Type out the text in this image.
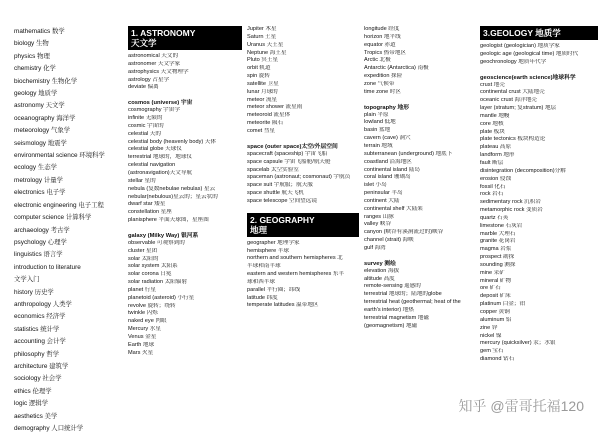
mathematics 数学
biology 生物
physics 物理
chemistry 化学
biochemistry 生物化学
geology 地质学
astronomy 天文学
oceanography 海洋学
meteorology 气象学
seismology 地震学
environmental science 环境科学
ecology 生态学
metrology 计量学
electronics 电子学
electronic engineering 电子工程
computer science 计算科学
archaeology 考古学
psychology 心理学
linguistics 语言学
introduction to literature
文学入门
history 历史学
anthropology 人类学
economics 经济学
statistics 统计学
accounting 会计学
philosophy 哲学
architecture 建筑学
sociology 社会学
ethics 伦理学
logic 逻辑学
aesthetics 美学
demography 人口统计学
1. ASTRONOMY
天文学
astronomical 天文的
astronomer 天文学家
astrophysics 天文物理学
astrology 占星学
deviate 偏离
cosmos (universe) 宇宙
cosmography 宇宙学
infinite 无限的
cosmic 宇宙的
celestial 天的
celestial body (heavenly body) 天体
celestial globe 天球仪
terrestrial 地球的，地球仪
celestial navigation
(astronavigation)天文导航
stellar 星的
nebula (复数nebulae nebulas) 星云
nebular(nebulous)星云的；星云状的
dwarf star 矮星
constellation 星座
planisphere 平面天球图，星座图
galaxy (Milky Way) 银河系
observable 可观察到的
cluster 星团
solar 太阳的
solar system 太阳系
solar corona 日冕
solar radiation 太阳辐射
planet 行星
planetoid (asteroid) 小行星
revolve 旋转；绕转
twinkle 闪烁
naked eye 肉眼
Mercury 水星
Venus 金星
Earth 地球
Mars 火星
Jupiter 木星
Saturn 土星
Uranus 天王星
Neptune 海王星
Pluto 冥王星
orbit 轨道
spin 旋转
satellite 卫星
lunar 月球的
meteor 流星
meteor shower 流星雨
meteoroid 流星体
meteorite 陨石
comet 彗星
space (outer space)太空/外层空间
spacecraft (spaceship) 宇宙飞船
space capsule 宇宙飞船舱/航天舱
spacelab 太空实验室
spaceman (astronaut; cosmonaut) 宇航员
space suit 宇航服；航天服
space shuttle 航天飞机
space telescope 空间望远镜
2. GEOGRAPHY
地理
geographer 地理学家
hemisphere 半球
northern and southern hemispheres 北
半球和南半球
eastern and western hemispheres 东半
球和西半球
parallel 平行圈；纬线
latitude 纬度
temperate latitudes 温带地区
longitude 经度
horizon 地平线
equator 赤道
Tropics 热带地区
Arctic 北极
Antarctic (Antarctica) 南极
expedition 探险
zone 气候带
time zone 时区
topography 地形
plain 平原
lowland 低地
basin 盆地
cavern (cave) 洞穴
terrain 地域
subterranean (underground) 地底下
coastland 沿海地区
continental island 陆岛
coral island 珊瑚岛
islet 小岛
peninsular 半岛
continent 大陆
continental shelf 大陆架
ranges 山脉
valley 峡谷
canyon (峡谷有溪涧流过的)峡谷
channel (strait) 海峡
gulf 海湾
survey 测绘
elevation 海拔
altitude 高度
remote-sensing 遥感的
terrestrial 地球的；陆地的globe
terrestrial heat (geothermal; heat of the
earth's interior) 地热
terrestrial magnetism 地磁
(geomagnetism) 地磁
3.GEOLOGY 地质学
geologist (geologician) 地质学家
geologic age (geological time) 地质时代
geochronology 地质年代学
geoscience(earth science)地球科学
crust 地壳
continental crust 大陆地壳
oceanic crust 海洋地壳
layer (stratum; 复stratum) 地层
mantle 地幔
core 地核
plate 板块
plate tectonics 板块构造论
plateau 高原
landform 地形
fault 断层
disintegration (decomposition)分解
erosion 侵蚀
fossil 化石
rock 岩石
sedimentary rock 沉积岩
metamorphic rock 变质岩
quartz 石英
limestone 石灰岩
marble 大理石
granite 花岗岩
magma 岩浆
prospect 勘探
sounding 测探
mine 采矿
mineral 矿物
ore 矿石
deposit 矿床
platinum 白金；铂
copper 黄铜
aluminum 铝
zine 锌
nickel 镍
mercury (quicksilver) 汞；水银
gem 宝石
diamond 钻石
知乎 @雷哥托福120
